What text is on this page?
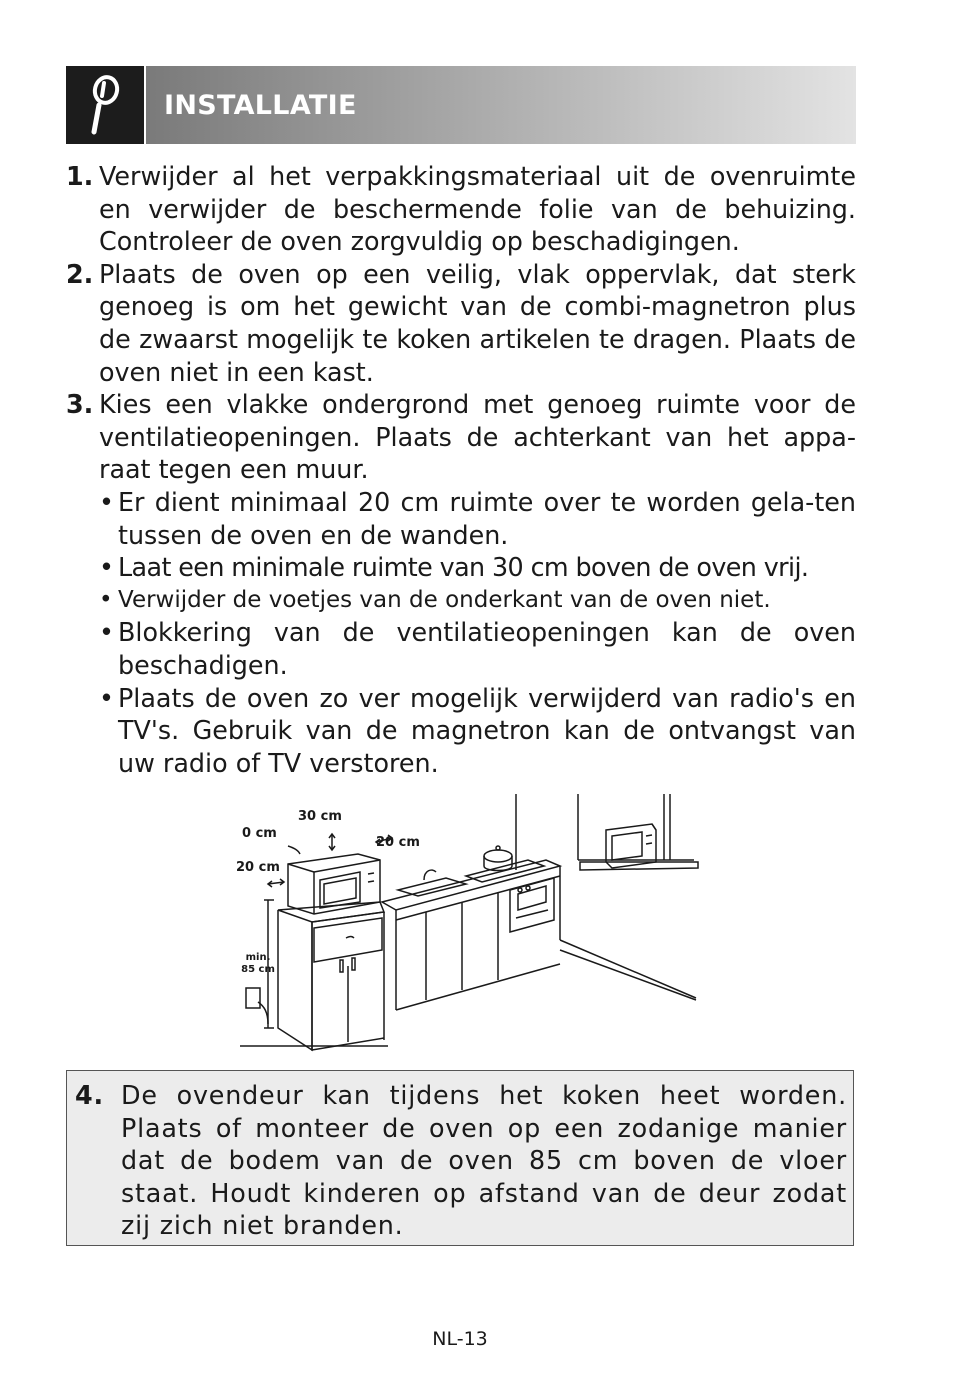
INSTALLATIE
1. Verwijder al het verpakkingsmateriaal uit de ovenruimte en verwijder de beschermende folie van de behuizing. Controleer de oven zorgvuldig op beschadigingen.
2. Plaats de oven op een veilig, vlak oppervlak, dat sterk genoeg is om het gewicht van de combi-magnetron plus de zwaarst mogelijk te koken artikelen te dragen. Plaats de oven niet in een kast.
3. Kies een vlakke ondergrond met genoeg ruimte voor de ventilatieopeningen. Plaats de achterkant van het appa-raat tegen een muur.
• Er dient minimaal 20 cm ruimte over te worden gela-ten tussen de oven en de wanden.
• Laat een minimale ruimte van 30 cm boven de oven vrij.
• Verwijder de voetjes van de onderkant van de oven niet.
• Blokkering van de ventilatieopeningen kan de oven beschadigen.
• Plaats de oven zo ver mogelijk verwijderd van radio's en TV's. Gebruik van de magnetron kan de ontvangst van uw radio of TV verstoren.
30 cm
0 cm
20 cm
20 cm
min.
85 cm
4. De ovendeur kan tijdens het koken heet worden. Plaats of monteer de oven op een zodanige manier dat de bodem van de oven 85 cm boven de vloer staat. Houdt kinderen op afstand van de deur zodat zij zich niet branden.
NL-13
